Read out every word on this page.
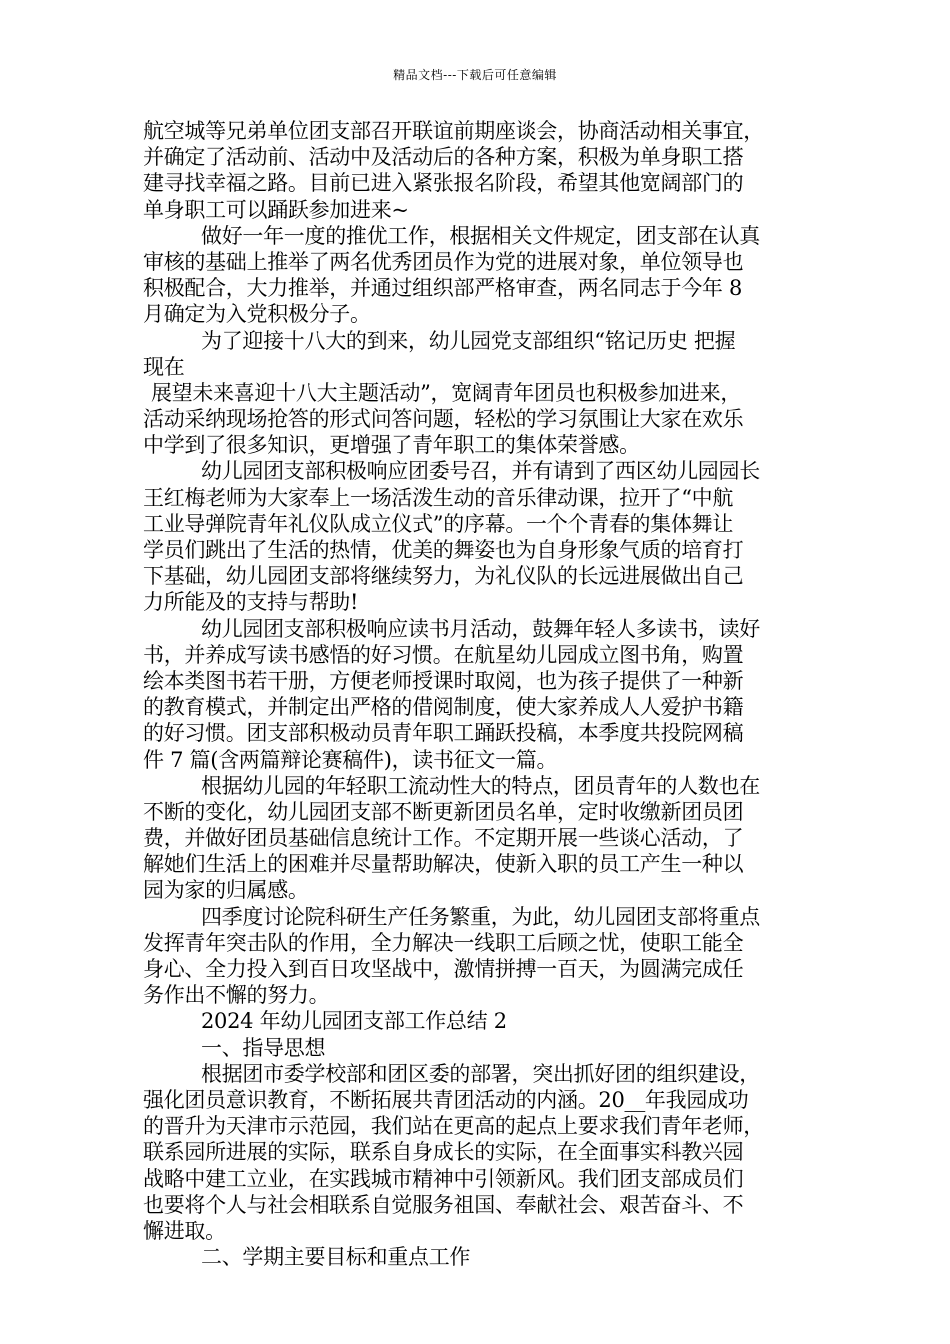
精品文档---下载后可任意编辑
航空城等兄弟单位团支部召开联谊前期座谈会，协商活动相关事宜，
并确定了活动前、活动中及活动后的各种方案，积极为单身职工搭
建寻找幸福之路。目前已进入紧张报名阶段，希望其他宽阔部门的
单身职工可以踊跃参加进来~
做好一年一度的推优工作，根据相关文件规定，团支部在认真
审核的基础上推举了两名优秀团员作为党的进展对象，单位领导也
积极配合，大力推举，并通过组织部严格审查，两名同志于今年 8
月确定为入党积极分子。
为了迎接十八大的到来，幼儿园党支部组织“铭记历史 把握
现在
展望未来喜迎十八大主题活动”，宽阔青年团员也积极参加进来，
活动采纳现场抢答的形式问答问题，轻松的学习氛围让大家在欢乐
中学到了很多知识，更增强了青年职工的集体荣誉感。
幼儿园团支部积极响应团委号召，并有请到了西区幼儿园园长
王红梅老师为大家奉上一场活泼生动的音乐律动课，拉开了“中航
工业导弹院青年礼仪队成立仪式”的序幕。一个个青春的集体舞让
学员们跳出了生活的热情，优美的舞姿也为自身形象气质的培育打
下基础，幼儿园团支部将继续努力，为礼仪队的长远进展做出自己
力所能及的支持与帮助!
幼儿园团支部积极响应读书月活动，鼓舞年轻人多读书，读好
书，并养成写读书感悟的好习惯。在航星幼儿园成立图书角，购置
绘本类图书若干册，方便老师授课时取阅，也为孩子提供了一种新
的教育模式，并制定出严格的借阅制度，使大家养成人人爱护书籍
的好习惯。团支部积极动员青年职工踊跃投稿，本季度共投院网稿
件 7 篇(含两篇辩论赛稿件)，读书征文一篇。
根据幼儿园的年轻职工流动性大的特点，团员青年的人数也在
不断的变化，幼儿园团支部不断更新团员名单，定时收缴新团员团
费，并做好团员基础信息统计工作。不定期开展一些谈心活动，了
解她们生活上的困难并尽量帮助解决，使新入职的员工产生一种以
园为家的归属感。
四季度讨论院科研生产任务繁重，为此，幼儿园团支部将重点
发挥青年突击队的作用，全力解决一线职工后顾之忧，使职工能全
身心、全力投入到百日攻坚战中，激情拼搏一百天，为圆满完成任
务作出不懈的努力。
2024 年幼儿园团支部工作总结 2
一、指导思想
根据团市委学校部和团区委的部署，突出抓好团的组织建设，
强化团员意识教育，不断拓展共青团活动的内涵。20__年我园成功
的晋升为天津市示范园，我们站在更高的起点上要求我们青年老师，
联系园所进展的实际，联系自身成长的实际，在全面事实科教兴园
战略中建工立业，在实践城市精神中引领新风。我们团支部成员们
也要将个人与社会相联系自觉服务祖国、奉献社会、艰苦奋斗、不
懈进取。
二、学期主要目标和重点工作
